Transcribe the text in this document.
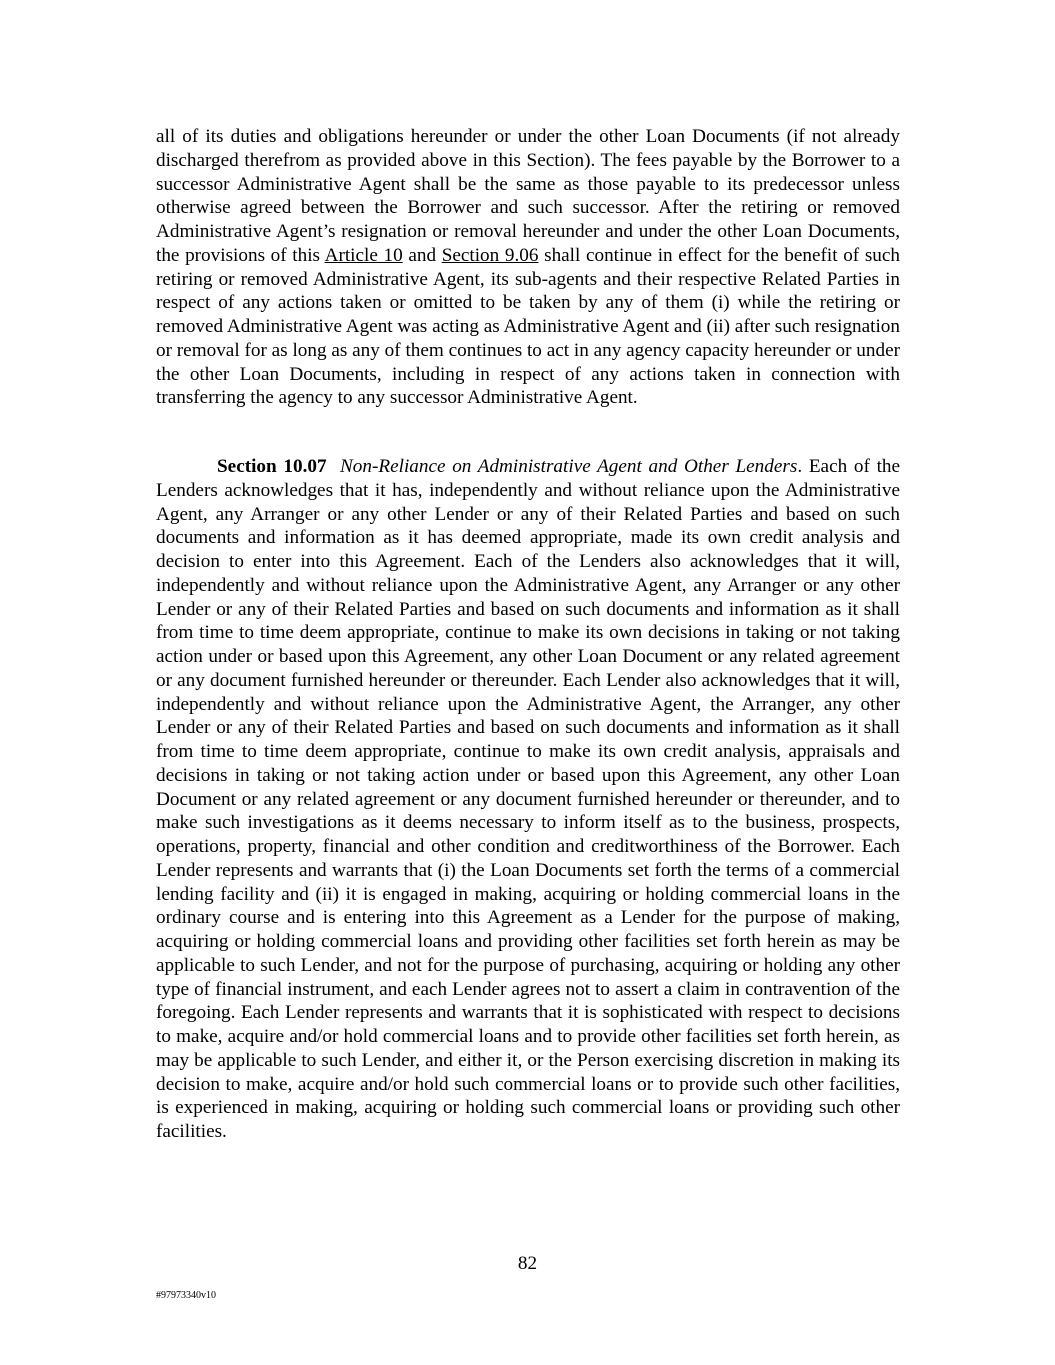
all of its duties and obligations hereunder or under the other Loan Documents (if not already discharged therefrom as provided above in this Section). The fees payable by the Borrower to a successor Administrative Agent shall be the same as those payable to its predecessor unless otherwise agreed between the Borrower and such successor. After the retiring or removed Administrative Agent’s resignation or removal hereunder and under the other Loan Documents, the provisions of this Article 10 and Section 9.06 shall continue in effect for the benefit of such retiring or removed Administrative Agent, its sub-agents and their respective Related Parties in respect of any actions taken or omitted to be taken by any of them (i) while the retiring or removed Administrative Agent was acting as Administrative Agent and (ii) after such resignation or removal for as long as any of them continues to act in any agency capacity hereunder or under the other Loan Documents, including in respect of any actions taken in connection with transferring the agency to any successor Administrative Agent.

Section 10.07 Non-Reliance on Administrative Agent and Other Lenders. Each of the Lenders acknowledges that it has, independently and without reliance upon the Administrative Agent, any Arranger or any other Lender or any of their Related Parties and based on such documents and information as it has deemed appropriate, made its own credit analysis and decision to enter into this Agreement. Each of the Lenders also acknowledges that it will, independently and without reliance upon the Administrative Agent, any Arranger or any other Lender or any of their Related Parties and based on such documents and information as it shall from time to time deem appropriate, continue to make its own decisions in taking or not taking action under or based upon this Agreement, any other Loan Document or any related agreement or any document furnished hereunder or thereunder. Each Lender also acknowledges that it will, independently and without reliance upon the Administrative Agent, the Arranger, any other Lender or any of their Related Parties and based on such documents and information as it shall from time to time deem appropriate, continue to make its own credit analysis, appraisals and decisions in taking or not taking action under or based upon this Agreement, any other Loan Document or any related agreement or any document furnished hereunder or thereunder, and to make such investigations as it deems necessary to inform itself as to the business, prospects, operations, property, financial and other condition and creditworthiness of the Borrower. Each Lender represents and warrants that (i) the Loan Documents set forth the terms of a commercial lending facility and (ii) it is engaged in making, acquiring or holding commercial loans in the ordinary course and is entering into this Agreement as a Lender for the purpose of making, acquiring or holding commercial loans and providing other facilities set forth herein as may be applicable to such Lender, and not for the purpose of purchasing, acquiring or holding any other type of financial instrument, and each Lender agrees not to assert a claim in contravention of the foregoing. Each Lender represents and warrants that it is sophisticated with respect to decisions to make, acquire and/or hold commercial loans and to provide other facilities set forth herein, as may be applicable to such Lender, and either it, or the Person exercising discretion in making its decision to make, acquire and/or hold such commercial loans or to provide such other facilities, is experienced in making, acquiring or holding such commercial loans or providing such other facilities.

82
#97973340v10
